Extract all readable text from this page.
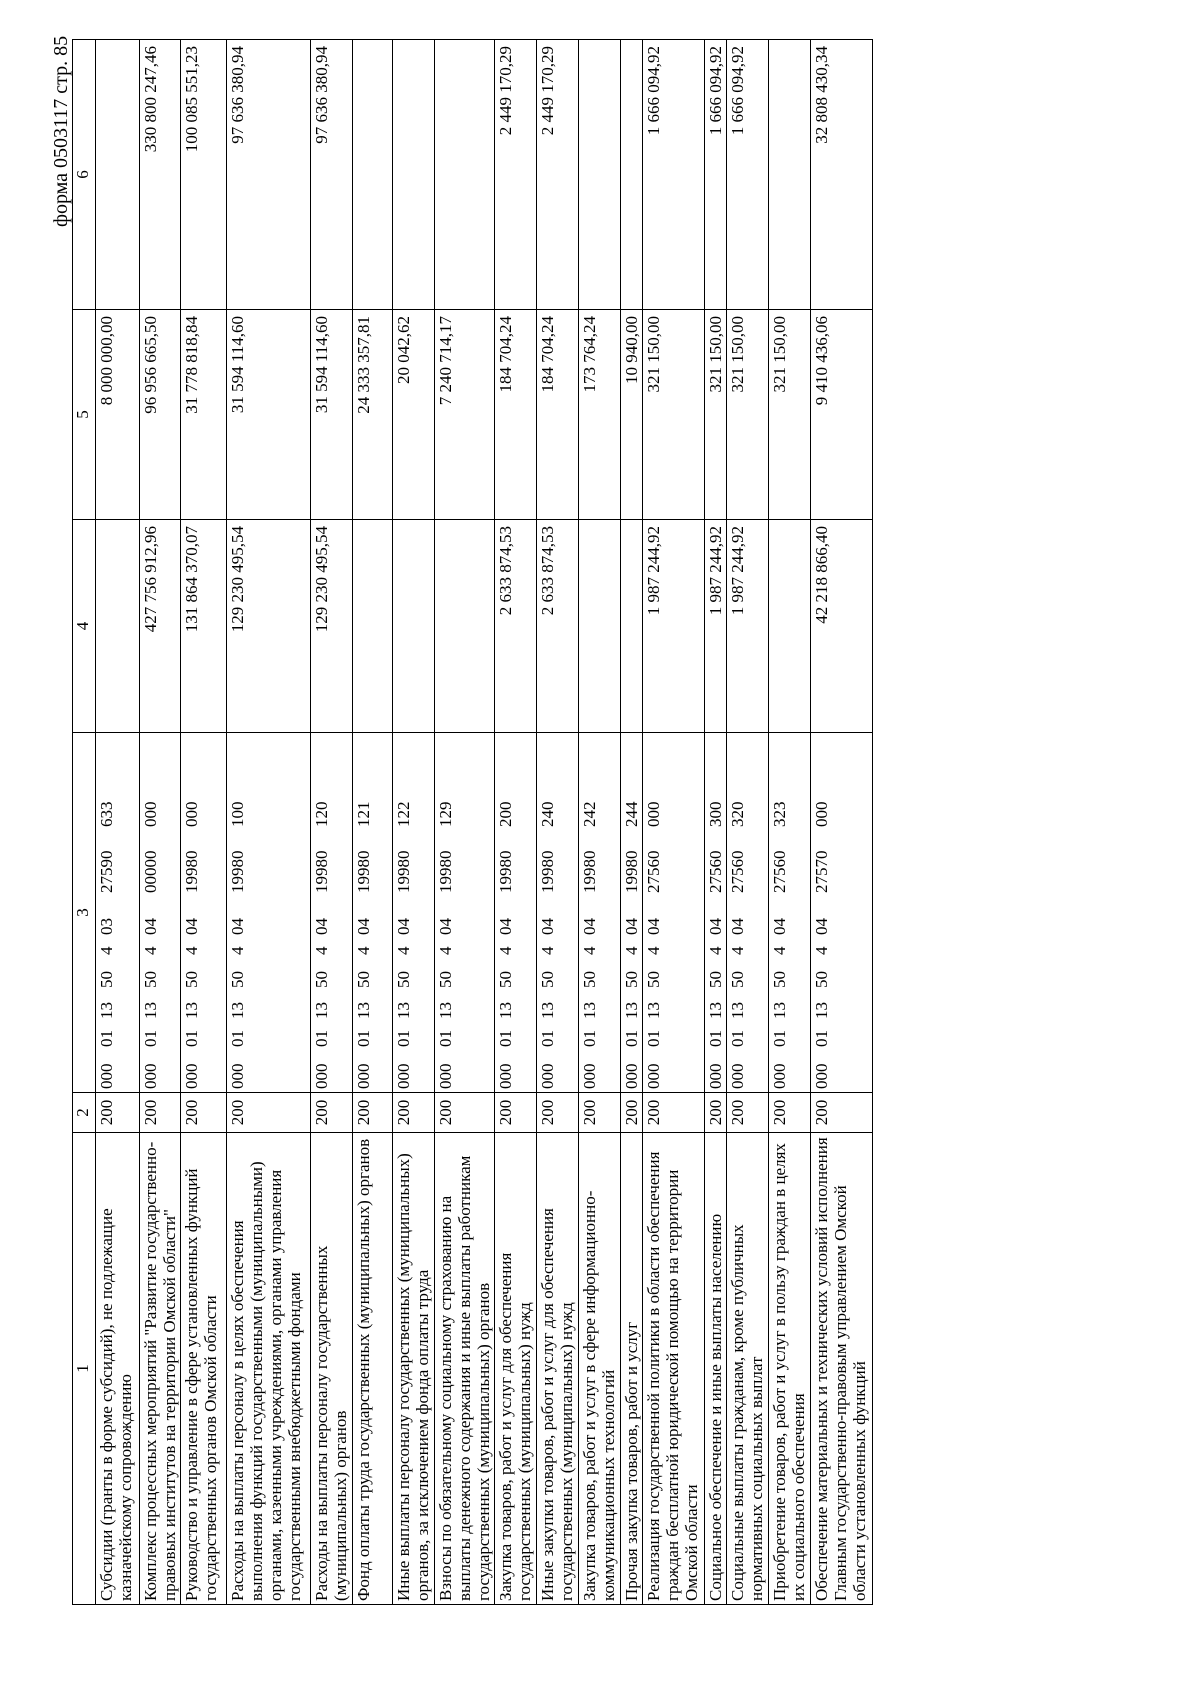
форма 0503117 стр. 85
1	2	3	4	5	6
Субсидии (гранты в форме субсидий), не подлежащие казначейскому сопровождению	200	00001135040327590633		8 000 000,00	
Комплекс процессных мероприятий "Развитие государственно-правовых институтов на территории Омской области"	200	00001135040400000000	427 756 912,96	96 956 665,50	330 800 247,46
Руководство и управление в сфере установленных функций государственных органов Омской области	200	00001135040419980000	131 864 370,07	31 778 818,84	100 085 551,23
Расходы на выплаты персоналу в целях обеспечения выполнения функций государственными (муниципальными) органами, казенными учреждениями, органами управления государственными внебюджетными фондами	200	00001135040419980100	129 230 495,54	31 594 114,60	97 636 380,94
Расходы на выплаты персоналу государственных (муниципальных) органов	200	00001135040419980120	129 230 495,54	31 594 114,60	97 636 380,94
Фонд оплаты труда государственных (муниципальных) органов	200	00001135040419980121		24 333 357,81	
Иные выплаты персоналу государственных (муниципальных) органов, за исключением фонда оплаты труда	200	00001135040419980122		20 042,62	
Взносы по обязательному социальному страхованию на выплаты денежного содержания и иные выплаты работникам государственных (муниципальных) органов	200	00001135040419980129		7 240 714,17	
Закупка товаров, работ и услуг для обеспечения государственных (муниципальных) нужд	200	00001135040419980200	2 633 874,53	184 704,24	2 449 170,29
Иные закупки товаров, работ и услуг для обеспечения государственных (муниципальных) нужд	200	00001135040419980240	2 633 874,53	184 704,24	2 449 170,29
Закупка товаров, работ и услуг в сфере информационно-коммуникационных технологий	200	00001135040419980242		173 764,24	
Прочая закупка товаров, работ и услуг	200	00001135040419980244		10 940,00	
Реализация государственной политики в области обеспечения граждан бесплатной юридической помощью на территории Омской области	200	00001135040427560000	1 987 244,92	321 150,00	1 666 094,92
Социальное обеспечение и иные выплаты населению	200	00001135040427560300	1 987 244,92	321 150,00	1 666 094,92
Социальные выплаты гражданам, кроме публичных нормативных социальных выплат	200	00001135040427560320	1 987 244,92	321 150,00	1 666 094,92
Приобретение товаров, работ и услуг в пользу граждан в целях их социального обеспечения	200	00001135040427560323		321 150,00	
Обеспечение материальных и технических условий исполнения Главным государственно-правовым управлением Омской области установленных функций	200	00001135040427570000	42 218 866,40	9 410 436,06	32 808 430,34
